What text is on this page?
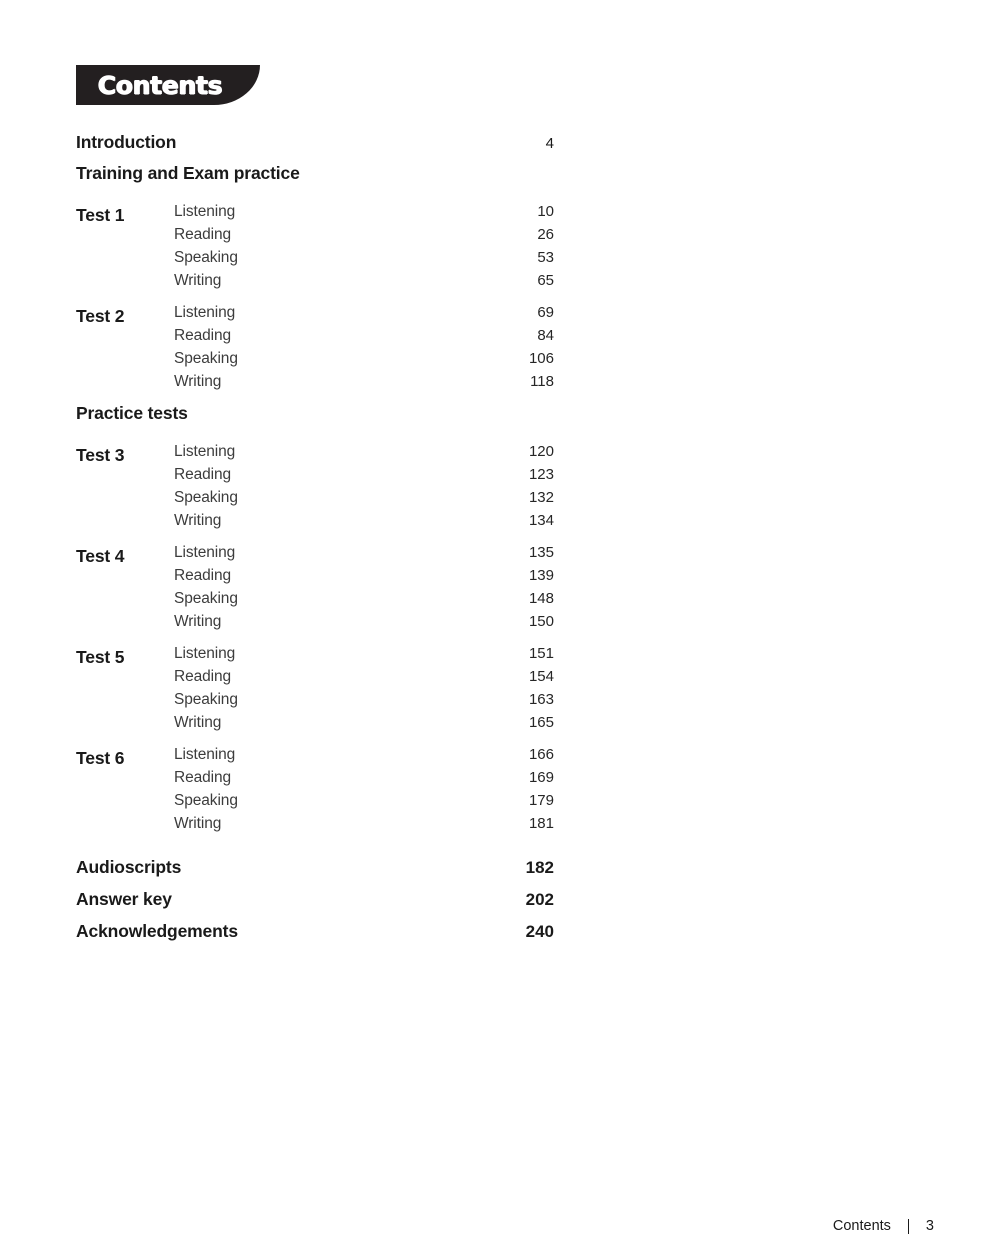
Contents
Introduction	4
Training and Exam practice
Test 1	Listening	10
Reading	26
Speaking	53
Writing	65
Test 2	Listening	69
Reading	84
Speaking	106
Writing	118
Practice tests
Test 3	Listening	120
Reading	123
Speaking	132
Writing	134
Test 4	Listening	135
Reading	139
Speaking	148
Writing	150
Test 5	Listening	151
Reading	154
Speaking	163
Writing	165
Test 6	Listening	166
Reading	169
Speaking	179
Writing	181
Audioscripts	182
Answer key	202
Acknowledgements	240
Contents 3
